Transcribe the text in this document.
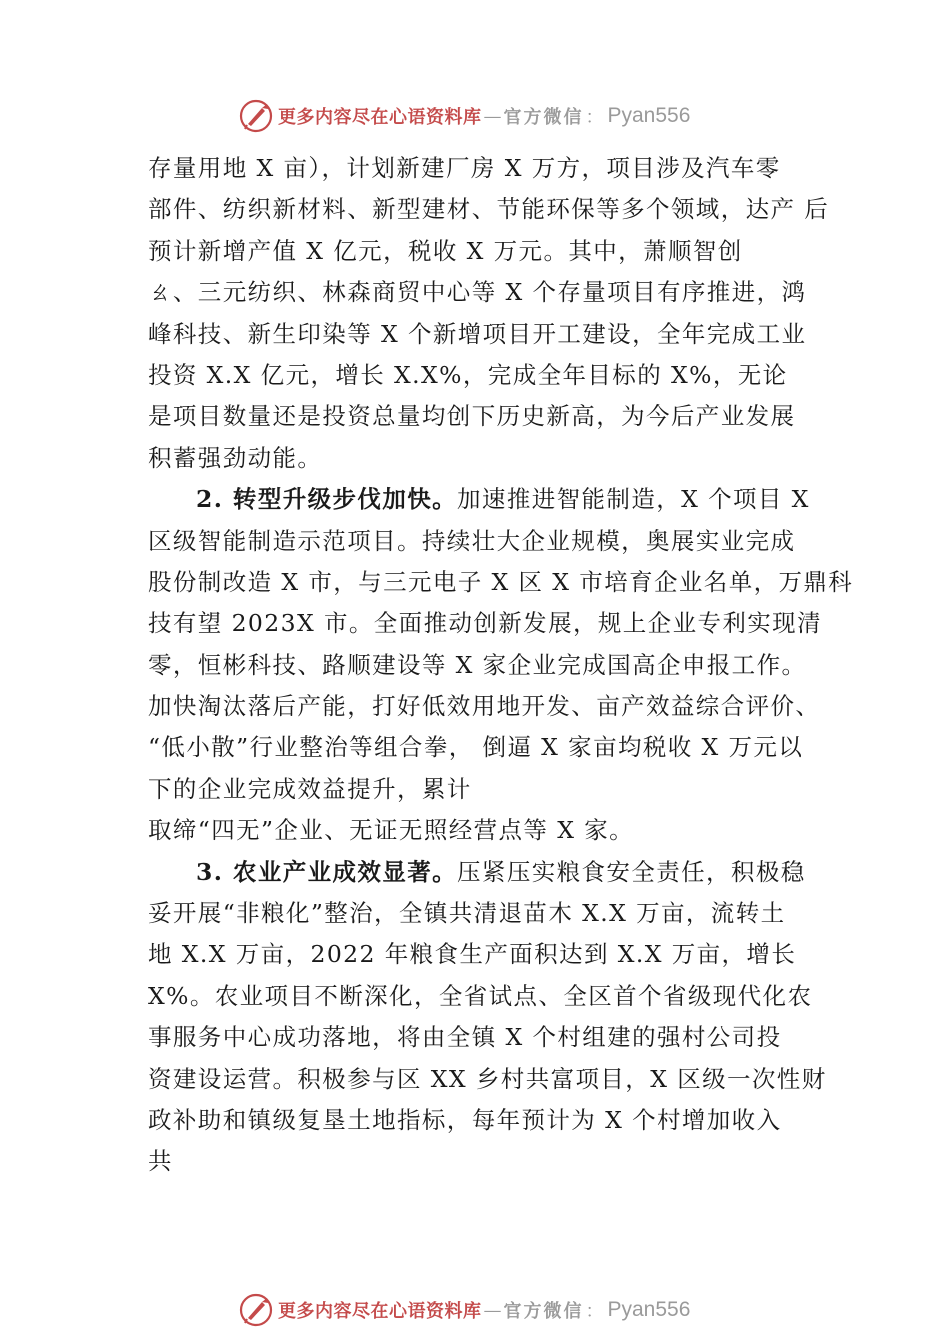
更多内容尽在心语资料库 — 官方微信 ： Pyan556
存量用地 X 亩），计划新建厂房 X 万方，项目涉及汽车零
部件、纺织新材料、新型建材、节能环保等多个领域，达产 后
预计新增产值 X 亿元，税收 X 万元。其中，萧顺智创
ㄠ、三元纺织、林森商贸中心等 X 个存量项目有序推进，鸿
峰科技、新生印染等 X 个新增项目开工建设，全年完成工业
投资 X.X 亿元，增长 X.X%，完成全年目标的 X%，无论
是项目数量还是投资总量均创下历史新高，为今后产业发展
积蓄强劲动能。
2. 转型升级步伐加快。加速推进智能制造，X 个项目 X
区级智能制造示范项目。持续壮大企业规模，奥展实业完成
股份制改造 X 市，与三元电子 X 区 X 市培育企业名单，万鼎科
技有望 2023X 市。全面推动创新发展，规上企业专利实现清
零，恒彬科技、路顺建设等 X 家企业完成国高企申报工作。
加快淘汰落后产能，打好低效用地开发、亩产效益综合评价、
“低小散”行业整治等组合拳， 倒逼 X 家亩均税收 X 万元以
下的企业完成效益提升，累计
取缔“四无”企业、无证无照经营点等 X 家。
3. 农业产业成效显著。压紧压实粮食安全责任，积极稳
妥开展“非粮化”整治，全镇共清退苗木 X.X 万亩，流转土
地 X.X 万亩，2022 年粮食生产面积达到 X.X 万亩，增长
X%。农业项目不断深化，全省试点、全区首个省级现代化农
事服务中心成功落地，将由全镇 X 个村组建的强村公司投
资建设运营。积极参与区 XX 乡村共富项目，X 区级一次性财
政补助和镇级复垦土地指标，每年预计为 X 个村增加收入
共
更多内容尽在心语资料库 — 官方微信 ： Pyan556
